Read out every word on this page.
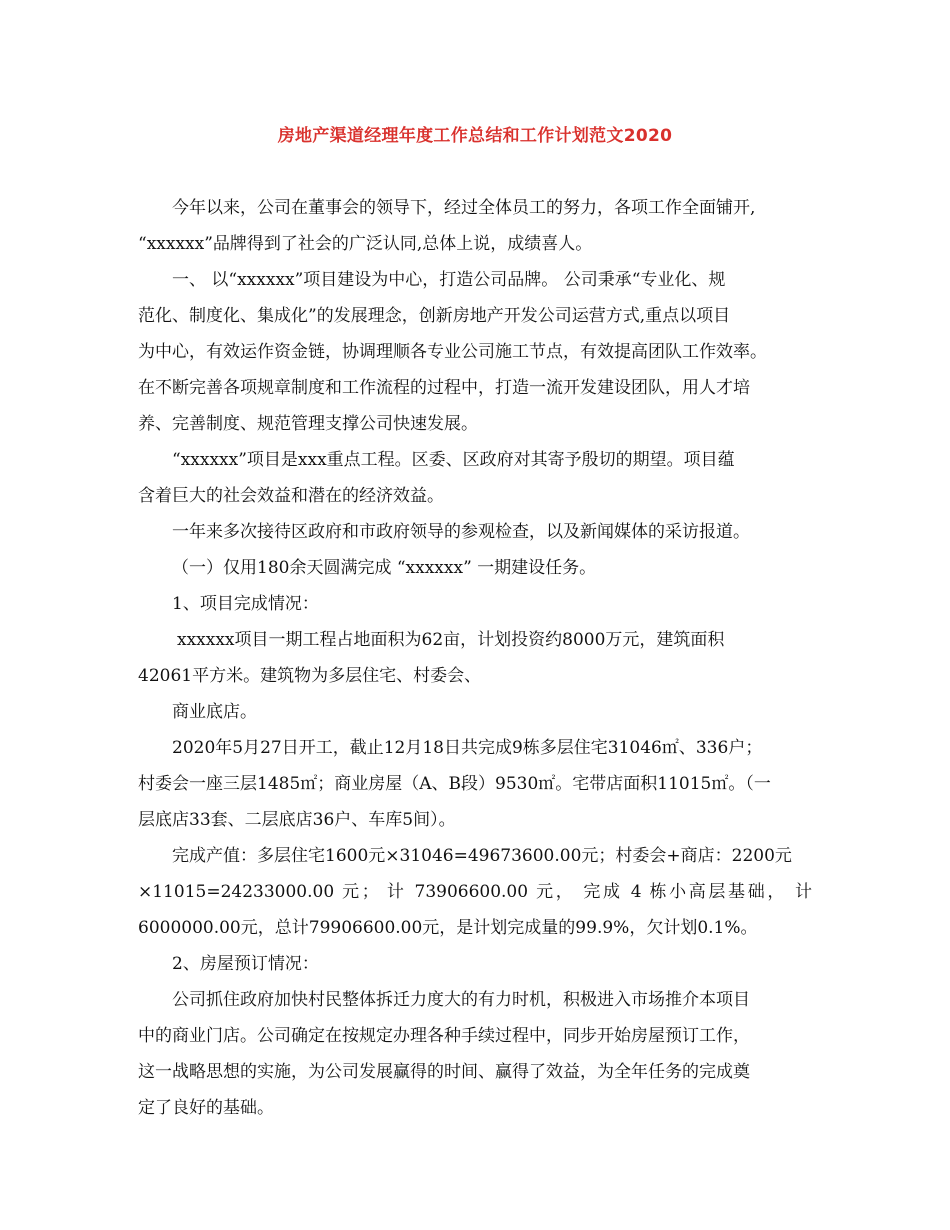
房地产渠道经理年度工作总结和工作计划范文2020
今年以来，公司在董事会的领导下，经过全体员工的努力，各项工作全面铺开,
“xxxxxx”品牌得到了社会的广泛认同,总体上说，成绩喜人。
一、 以“xxxxxx”项目建设为中心，打造公司品牌。 公司秉承“专业化、规
范化、制度化、集成化”的发展理念，创新房地产开发公司运营方式,重点以项目
为中心，有效运作资金链，协调理顺各专业公司施工节点，有效提高团队工作效率。
在不断完善各项规章制度和工作流程的过程中，打造一流开发建设团队，用人才培
养、完善制度、规范管理支撑公司快速发展。
“xxxxxx”项目是xxx重点工程。区委、区政府对其寄予殷切的期望。项目蕴
含着巨大的社会效益和潜在的经济效益。
一年来多次接待区政府和市政府领导的参观检查，以及新闻媒体的采访报道。
（一）仅用180余天圆满完成 “xxxxxx” 一期建设任务。
1、项目完成情况：
xxxxxx项目一期工程占地面积为62亩，计划投资约8000万元，建筑面积
42061平方米。建筑物为多层住宅、村委会、
商业底店。
2020年5月27日开工，截止12月18日共完成9栋多层住宅31046㎡、336户；
村委会一座三层1485㎡；商业房屋（A、B段）9530㎡。宅带店面积11015㎡。（一
层底店33套、二层底店36户、车库5间）。
完成产值：多层住宅1600元×31046=49673600.00元；村委会+商店：2200元
×11015=24233000.00 元； 计 73906600.00 元， 完成 4 栋小高层基础， 计
6000000.00元，总计79906600.00元，是计划完成量的99.9%，欠计划0.1%。
2、房屋预订情况：
公司抓住政府加快村民整体拆迁力度大的有力时机，积极进入市场推介本项目
中的商业门店。公司确定在按规定办理各种手续过程中，同步开始房屋预订工作，
这一战略思想的实施，为公司发展赢得的时间、赢得了效益，为全年任务的完成奠
定了良好的基础。
